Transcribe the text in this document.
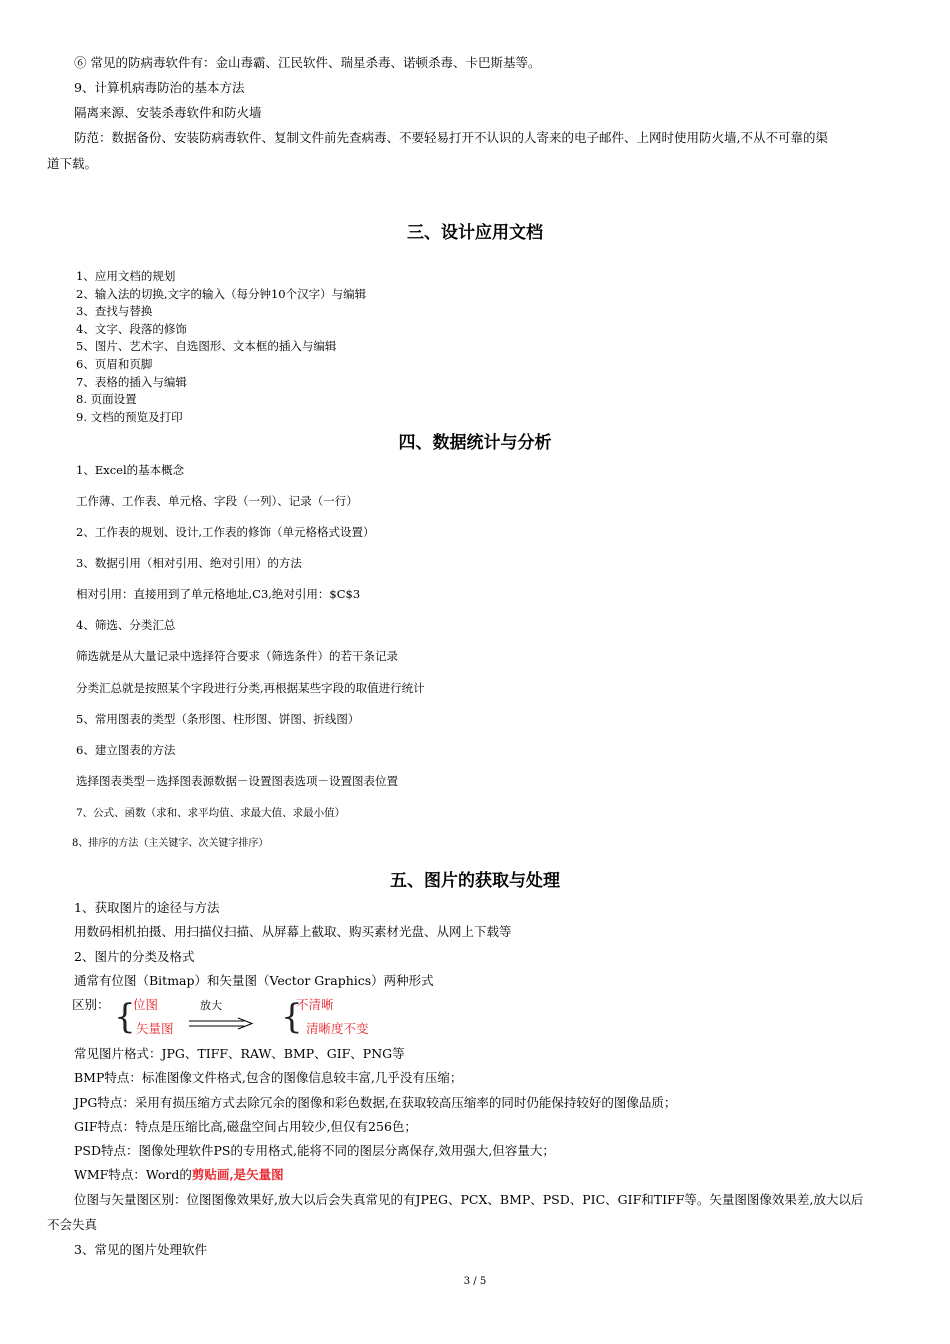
⑥ 常见的防病毒软件有：金山毒霸、江民软件、瑞星杀毒、诺顿杀毒、卡巴斯基等。
9、计算机病毒防治的基本方法
隔离来源、安装杀毒软件和防火墙
防范：数据备份、安装防病毒软件、复制文件前先查病毒、不要轻易打开不认识的人寄来的电子邮件、上网时使用防火墙,不从不可靠的渠
道下载。
三、设计应用文档
1、应用文档的规划
2、输入法的切换,文字的输入（每分钟10个汉字）与编辑
3、查找与替换
4、文字、段落的修饰
5、图片、艺术字、自选图形、文本框的插入与编辑
6、页眉和页脚
7、表格的插入与编辑
8. 页面设置
9. 文档的预览及打印
四、数据统计与分析
1、Excel的基本概念
工作薄、工作表、单元格、字段（一列）、记录（一行）
2、工作表的规划、设计,工作表的修饰（单元格格式设置）
3、数据引用（相对引用、绝对引用）的方法
相对引用：直接用到了单元格地址,C3,绝对引用：$C$3
4、筛选、分类汇总
筛选就是从大量记录中选择符合要求（筛选条件）的若干条记录
分类汇总就是按照某个字段进行分类,再根据某些字段的取值进行统计
5、常用图表的类型（条形图、柱形图、饼图、折线图）
6、建立图表的方法
选择图表类型－选择图表源数据－设置图表选项－设置图表位置
7、公式、函数（求和、求平均值、求最大值、求最小值）
8、排序的方法（主关键字、次关键字排序）
五、图片的获取与处理
1、获取图片的途径与方法
用数码相机拍摄、用扫描仪扫描、从屏幕上截取、购买素材光盘、从网上下载等
2、图片的分类及格式
通常有位图（Bitmap）和矢量图（Vector Graphics）两种形式
区别： {
位图
矢量图
放大 {
不清晰
清晰度不变
常见图片格式：JPG、TIFF、RAW、BMP、GIF、PNG等
BMP特点：标准图像文件格式,包含的图像信息较丰富,几乎没有压缩；
JPG特点：采用有损压缩方式去除冗余的图像和彩色数据,在获取较高压缩率的同时仍能保持较好的图像品质；
GIF特点：特点是压缩比高,磁盘空间占用较少,但仅有256色；
PSD特点：图像处理软件PS的专用格式,能将不同的图层分离保存,效用强大,但容量大；
WMF特点：Word的剪贴画,是矢量图
位图与矢量图区别：位图图像效果好,放大以后会失真常见的有JPEG、PCX、BMP、PSD、PIC、GIF和TIFF等。矢量图图像效果差,放大以后
不会失真
3、常见的图片处理软件
3 / 5
